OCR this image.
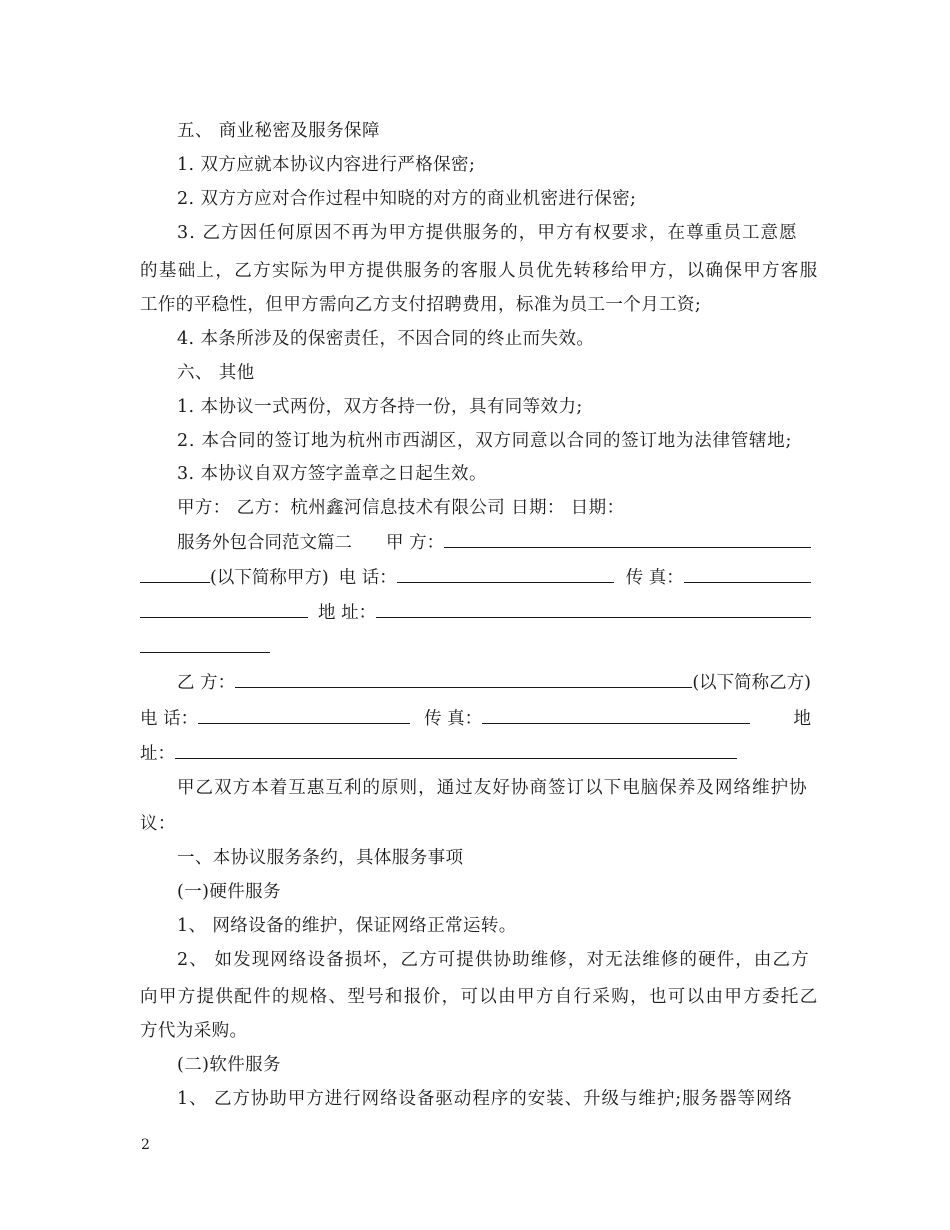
五、 商业秘密及服务保障
1. 双方应就本协议内容进行严格保密;
2. 双方方应对合作过程中知晓的对方的商业机密进行保密;
3. 乙方因任何原因不再为甲方提供服务的，甲方有权要求，在尊重员工意愿
的基础上，乙方实际为甲方提供服务的客服人员优先转移给甲方，以确保甲方客服
工作的平稳性，但甲方需向乙方支付招聘费用，标准为员工一个月工资;
4. 本条所涉及的保密责任，不因合同的终止而失效。
六、 其他
1. 本协议一式两份，双方各持一份，具有同等效力;
2. 本合同的签订地为杭州市西湖区，双方同意以合同的签订地为法律管辖地;
3. 本协议自双方签字盖章之日起生效。
甲方： 乙方：杭州鑫河信息技术有限公司 日期： 日期：
服务外包合同范文篇二 甲 方：
(以下简称甲方) 电 话：	传 真：
地 址：
乙 方：	(以下简称乙方)
电 话：	传 真：	地
址：
甲乙双方本着互惠互利的原则，通过友好协商签订以下电脑保养及网络维护协
议：
一、本协议服务条约，具体服务事项
(一)硬件服务
1、 网络设备的维护，保证网络正常运转。
2、 如发现网络设备损坏，乙方可提供协助维修，对无法维修的硬件，由乙方
向甲方提供配件的规格、型号和报价，可以由甲方自行采购，也可以由甲方委托乙
方代为采购。
(二)软件服务
1、 乙方协助甲方进行网络设备驱动程序的安装、升级与维护;服务器等网络
2
